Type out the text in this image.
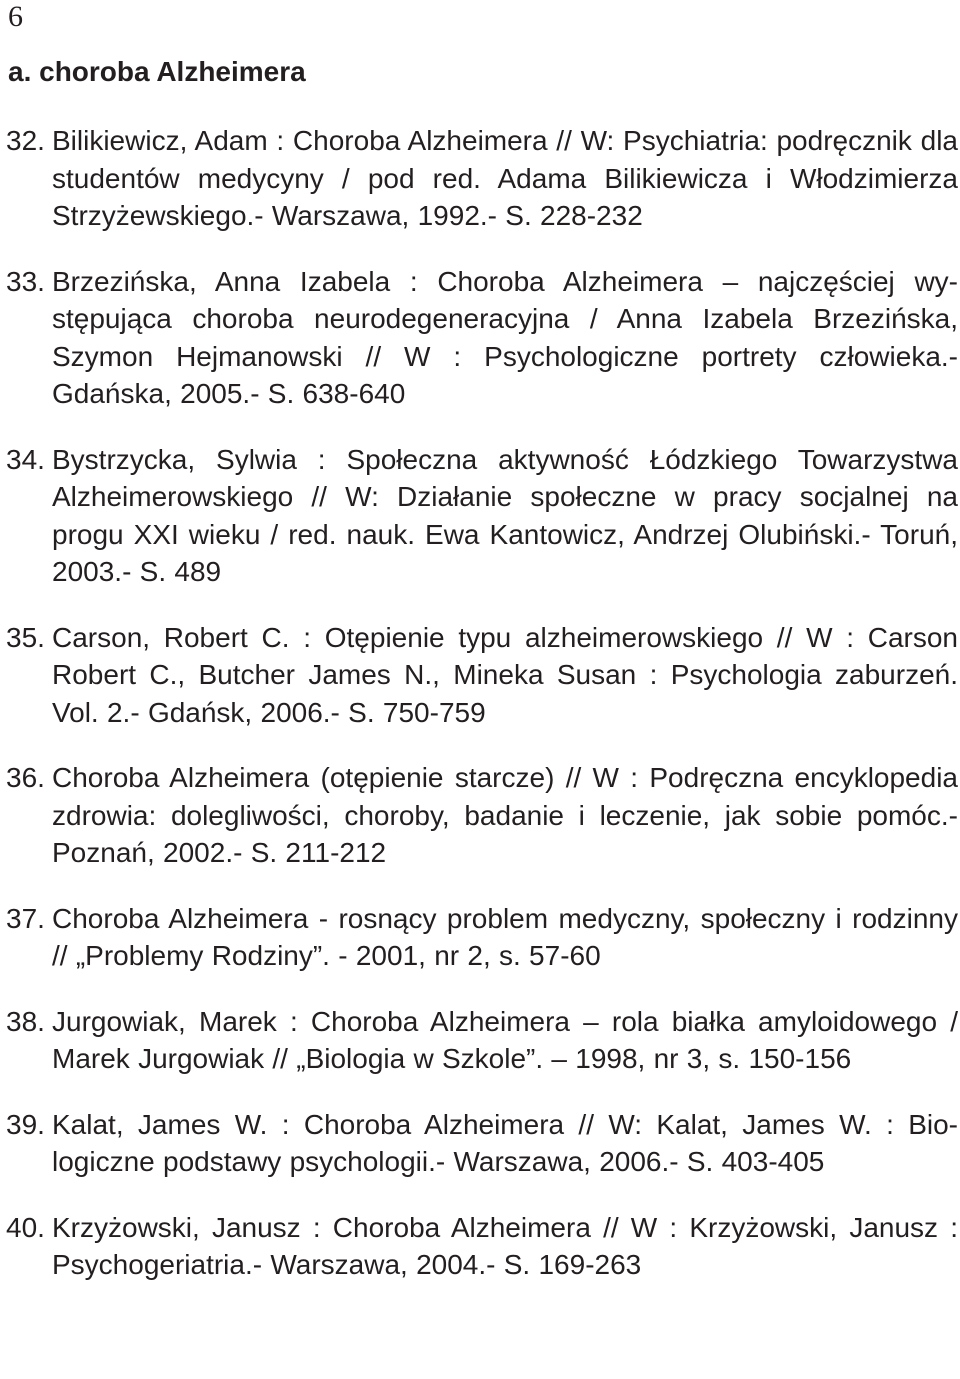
6
a. choroba Alzheimera
32. Bilikiewicz, Adam : Choroba Alzheimera // W: Psychiatria: podręcznik dla studentów medycyny / pod red. Adama Bilikiewicza i Włodzimierza Strzyżewskiego.- Warszawa, 1992.- S. 228-232
33. Brzezińska, Anna Izabela : Choroba Alzheimera – najczęściej występująca choroba neurodegeneracyjna / Anna Izabela Brzezińska, Szymon Hejmanowski // W : Psychologiczne portrety człowieka.- Gdańska, 2005.- S. 638-640
34. Bystrzycka, Sylwia : Społeczna aktywność Łódzkiego Towarzystwa Alzheimerowskiego // W: Działanie społeczne w pracy socjalnej na progu XXI wieku / red. nauk. Ewa Kantowicz, Andrzej Olubiński.- Toruń, 2003.- S. 489
35. Carson, Robert C. : Otępienie typu alzheimerowskiego // W : Carson Robert C., Butcher James N., Mineka Susan : Psychologia zaburzeń. Vol. 2.- Gdańsk, 2006.- S. 750-759
36. Choroba Alzheimera (otępienie starcze) // W : Podręczna encyklopedia zdrowia: dolegliwości, choroby, badanie i leczenie, jak sobie pomóc.- Poznań, 2002.- S. 211-212
37. Choroba Alzheimera - rosnący problem medyczny, społeczny i rodzinny // „Problemy Rodziny”. - 2001, nr 2, s. 57-60
38. Jurgowiak, Marek : Choroba Alzheimera – rola białka amyloidowego / Marek Jurgowiak // „Biologia w Szkole”. – 1998, nr 3, s. 150-156
39. Kalat, James W. : Choroba Alzheimera // W: Kalat, James W. : Biologiczne podstawy psychologii.- Warszawa, 2006.- S. 403-405
40. Krzyżowski, Janusz : Choroba Alzheimera // W : Krzyżowski, Janusz : Psychogeriatria.- Warszawa, 2004.- S. 169-263
